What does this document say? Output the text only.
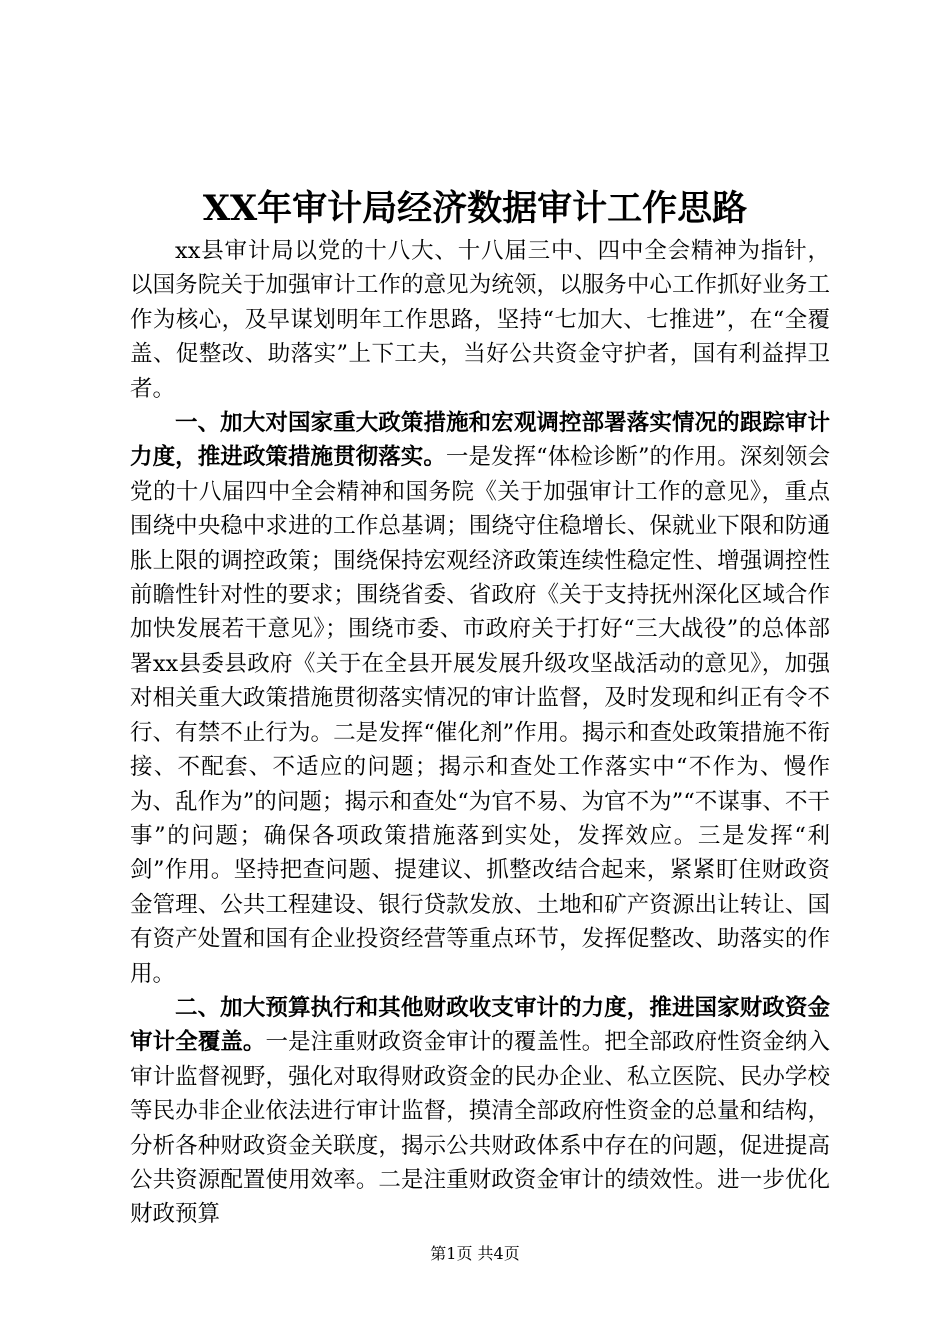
XX年审计局经济数据审计工作思路

xx县审计局以党的十八大、十八届三中、四中全会精神为指针，以国务院关于加强审计工作的意见为统领，以服务中心工作抓好业务工作为核心，及早谋划明年工作思路，坚持“七加大、七推进”，在“全覆盖、促整改、助落实”上下工夫，当好公共资金守护者，国有利益捍卫者。

一、加大对国家重大政策措施和宏观调控部署落实情况的跟踪审计力度，推进政策措施贯彻落实。一是发挥“体检诊断”的作用。深刻领会党的十八届四中全会精神和国务院《关于加强审计工作的意见》，重点围绕中央稳中求进的工作总基调；围绕守住稳增长、保就业下限和防通胀上限的调控政策；围绕保持宏观经济政策连续性稳定性、增强调控性前瞻性针对性的要求；围绕省委、省政府《关于支持抚州深化区域合作加快发展若干意见》；围绕市委、市政府关于打好“三大战役”的总体部署xx县委县政府《关于在全县开展发展升级攻坚战活动的意见》，加强对相关重大政策措施贯彻落实情况的审计监督，及时发现和纠正有令不行、有禁不止行为。二是发挥“催化剂”作用。揭示和查处政策措施不衔接、不配套、不适应的问题；揭示和查处工作落实中“不作为、慢作为、乱作为”的问题；揭示和查处“为官不易、为官不为”“不谋事、不干事”的问题；确保各项政策措施落到实处，发挥效应。三是发挥“利剑”作用。坚持把查问题、提建议、抓整改结合起来，紧紧盯住财政资金管理、公共工程建设、银行贷款发放、土地和矿产资源出让转让、国有资产处置和国有企业投资经营等重点环节，发挥促整改、助落实的作用。

二、加大预算执行和其他财政收支审计的力度，推进国家财政资金审计全覆盖。一是注重财政资金审计的覆盖性。把全部政府性资金纳入审计监督视野，强化对取得财政资金的民办企业、私立医院、民办学校等民办非企业依法进行审计监督，摸清全部政府性资金的总量和结构，分析各种财政资金关联度，揭示公共财政体系中存在的问题，促进提高公共资源配置使用效率。二是注重财政资金审计的绩效性。进一步优化财政预算

第1页 共4页
